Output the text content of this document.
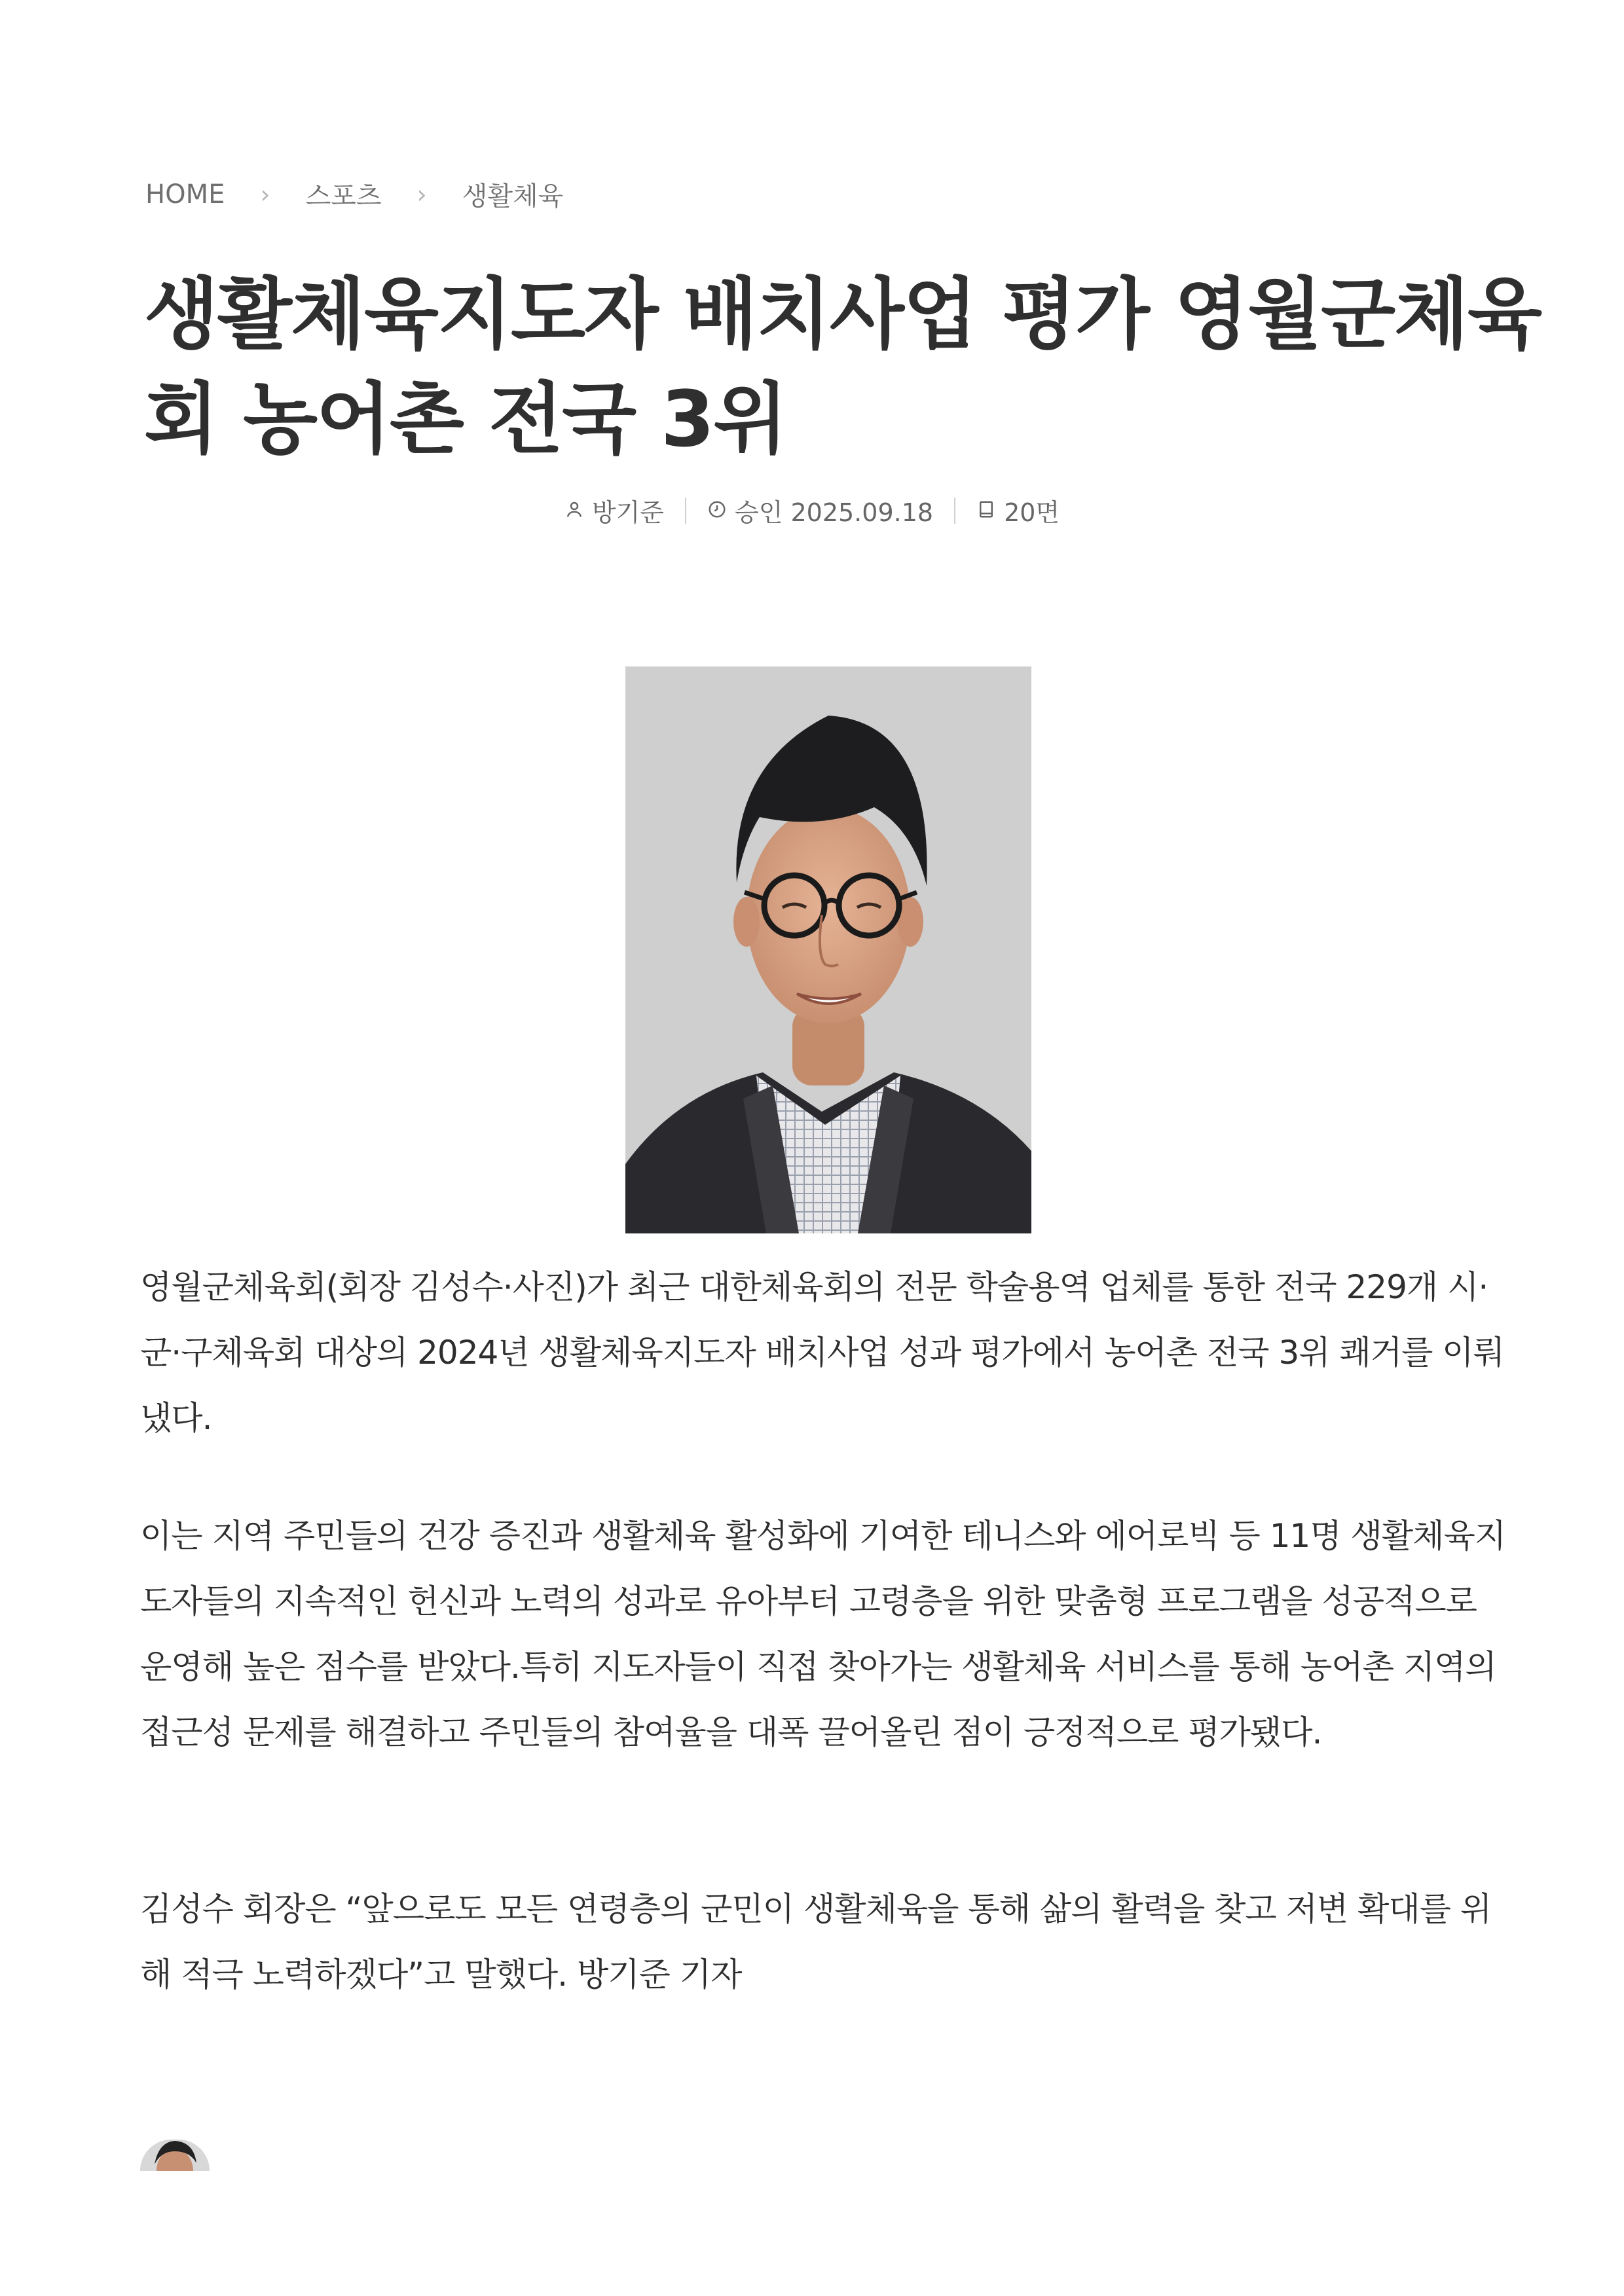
HOME › 스포츠 › 생활체육
생활체육지도자 배치사업 평가 영월군체육회 농어촌 전국 3위
방기준	승인 2025.09.18	20면

영월군체육회(회장 김성수·사진)가 최근 대한체육회의 전문 학술용역 업체를 통한 전국 229개 시·군·구체육회 대상의 2024년 생활체육지도자 배치사업 성과 평가에서 농어촌 전국 3위 쾌거를 이뤄냈다.

이는 지역 주민들의 건강 증진과 생활체육 활성화에 기여한 테니스와 에어로빅 등 11명 생활체육지도자들의 지속적인 헌신과 노력의 성과로 유아부터 고령층을 위한 맞춤형 프로그램을 성공적으로 운영해 높은 점수를 받았다.특히 지도자들이 직접 찾아가는 생활체육 서비스를 통해 농어촌 지역의 접근성 문제를 해결하고 주민들의 참여율을 대폭 끌어올린 점이 긍정적으로 평가됐다.

김성수 회장은 “앞으로도 모든 연령층의 군민이 생활체육을 통해 삶의 활력을 찾고 저변 확대를 위해 적극 노력하겠다”고 말했다. 방기준 기자
